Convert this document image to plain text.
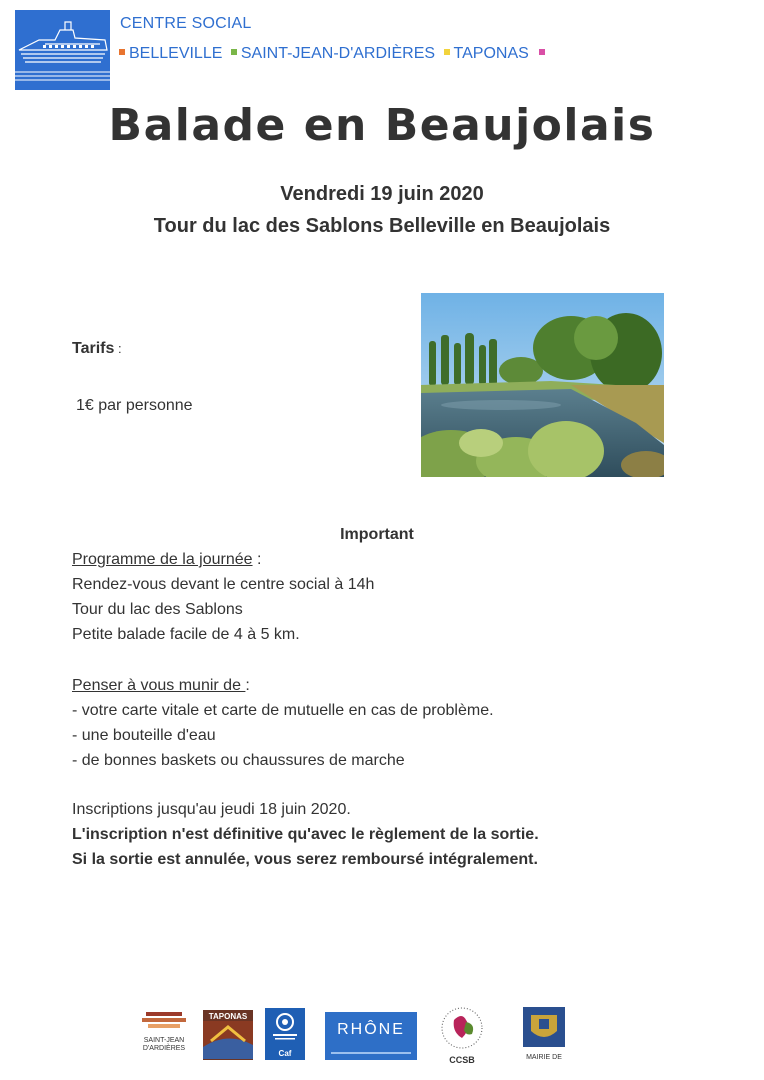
CENTRE SOCIAL
BELLEVILLE SAINT-JEAN-D'ARDIÈRES TAPONAS
Balade en Beaujolais
Vendredi 19 juin 2020
Tour du lac des Sablons Belleville en Beaujolais
Tarifs :
1€ par personne
Important
Programme de la journée :
Rendez-vous devant le centre social à 14h
Tour du lac des Sablons
Petite balade facile de 4 à 5 km.
Penser à vous munir de :
- votre carte vitale et carte de mutuelle en cas de problème.
- une bouteille d'eau
- de bonnes baskets ou chaussures de marche
Inscriptions jusqu'au jeudi 18 juin 2020.
L'inscription n'est définitive qu'avec le règlement de la sortie.
Si la sortie est annulée, vous serez remboursé intégralement.
SAINT-JEAN
D'ARDIÈRES
TAPONAS
Caf
RHÔNE
CCSB	MAIRIE DE
